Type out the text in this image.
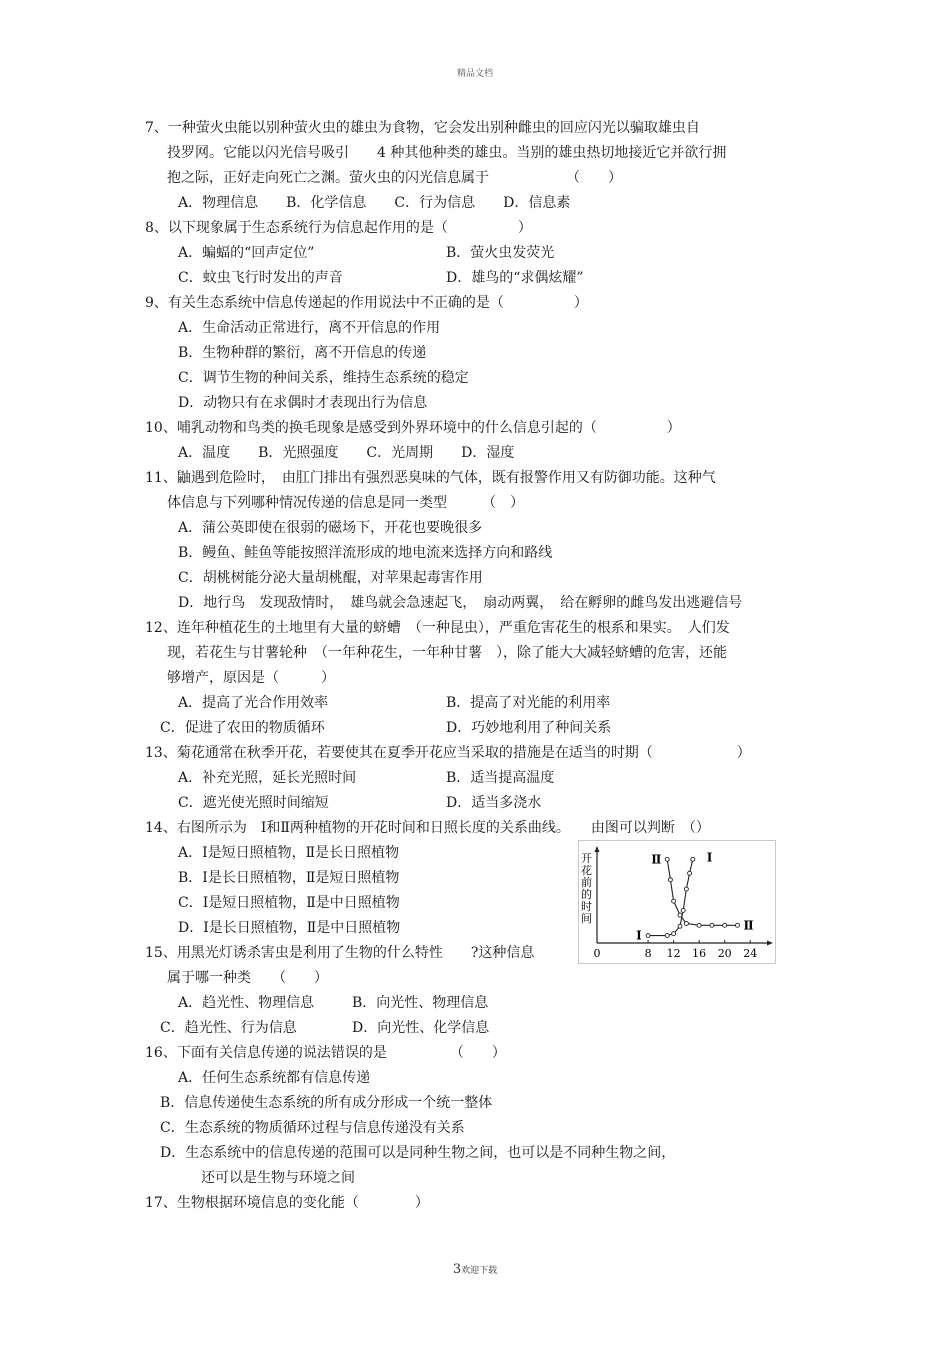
精品文档
7、一种萤火虫能以别种萤火虫的雄虫为食物，它会发出别种雌虫的回应闪光以骗取雄虫自
投罗网。它能以闪光信号吸引　　4 种其他种类的雄虫。当别的雄虫热切地接近它并欲行拥
抱之际，正好走向死亡之渊。萤火虫的闪光信息属于　　　　　　（　　）
A．物理信息　　B．化学信息　　C．行为信息　　D．信息素
8、以下现象属于生态系统行为信息起作用的是（　　　　　）
A．蝙蝠的“回声定位”	B．萤火虫发荧光
C．蚊虫飞行时发出的声音	D．雄鸟的“求偶炫耀”
9、有关生态系统中信息传递起的作用说法中不正确的是（　　　　　）
A．生命活动正常进行，离不开信息的作用
B．生物种群的繁衍，离不开信息的传递
C．调节生物的种间关系，维持生态系统的稳定
D．动物只有在求偶时才表现出行为信息
10、哺乳动物和鸟类的换毛现象是感受到外界环境中的什么信息引起的（　　　　　）
A．温度　　B．光照强度　　C．光周期　　D．湿度
11、鼬遇到危险时，　由肛门排出有强烈恶臭味的气体，既有报警作用又有防御功能。这种气
体信息与下列哪种情况传递的信息是同一类型　　　（　）
A．蒲公英即使在很弱的磁场下，开花也要晚很多
B．鳗鱼、鲑鱼等能按照洋流形成的地电流来选择方向和路线
C．胡桃树能分泌大量胡桃醌，对苹果起毒害作用
D．地行鸟　发现敌情时，　雄鸟就会急速起飞，　扇动两翼，　给在孵卵的雌鸟发出逃避信号
12、连年种植花生的土地里有大量的蛴螬　（一种昆虫），严重危害花生的根系和果实。　人们发
现，若花生与甘薯轮种　（一年种花生，一年种甘薯　），除了能大大减轻蛴螬的危害，还能
够增产，原因是（　　　）
A．提高了光合作用效率	B．提高了对光能的利用率
C．促进了农田的物质循环	D．巧妙地利用了种间关系
13、菊花通常在秋季开花，若要使其在夏季开花应当采取的措施是在适当的时期（　　　　　　）
A．补充光照，延长光照时间	B．适当提高温度
C．遮光使光照时间缩短	D．适当多浇水
14、右图所示为　Ⅰ和Ⅱ两种植物的开花时间和日照长度的关系曲线。　　由图可以判断　（）
A．Ⅰ是短日照植物，Ⅱ是长日照植物
B．Ⅰ是长日照植物，Ⅱ是短日照植物
C．Ⅰ是短日照植物，Ⅱ是中日照植物
D．Ⅰ是长日照植物，Ⅱ是中日照植物
0	8 12 16 20 24
Ⅰ
Ⅰ
Ⅱ
Ⅱ
开
花
前
的
时
间
15、用黑光灯诱杀害虫是利用了生物的什么特性　　?这种信息
属于哪一种类　　（　　）
A．趋光性、物理信息	B．向光性、物理信息
C．趋光性、行为信息	D．向光性、化学信息
16、下面有关信息传递的说法错误的是　　　　　（　　）
A．任何生态系统都有信息传递
B．信息传递使生态系统的所有成分形成一个统一整体
C．生态系统的物质循环过程与信息传递没有关系
D．生态系统中的信息传递的范围可以是同种生物之间，也可以是不同种生物之间，
还可以是生物与环境之间
17、生物根据环境信息的变化能（　　　　）
3欢迎下载
